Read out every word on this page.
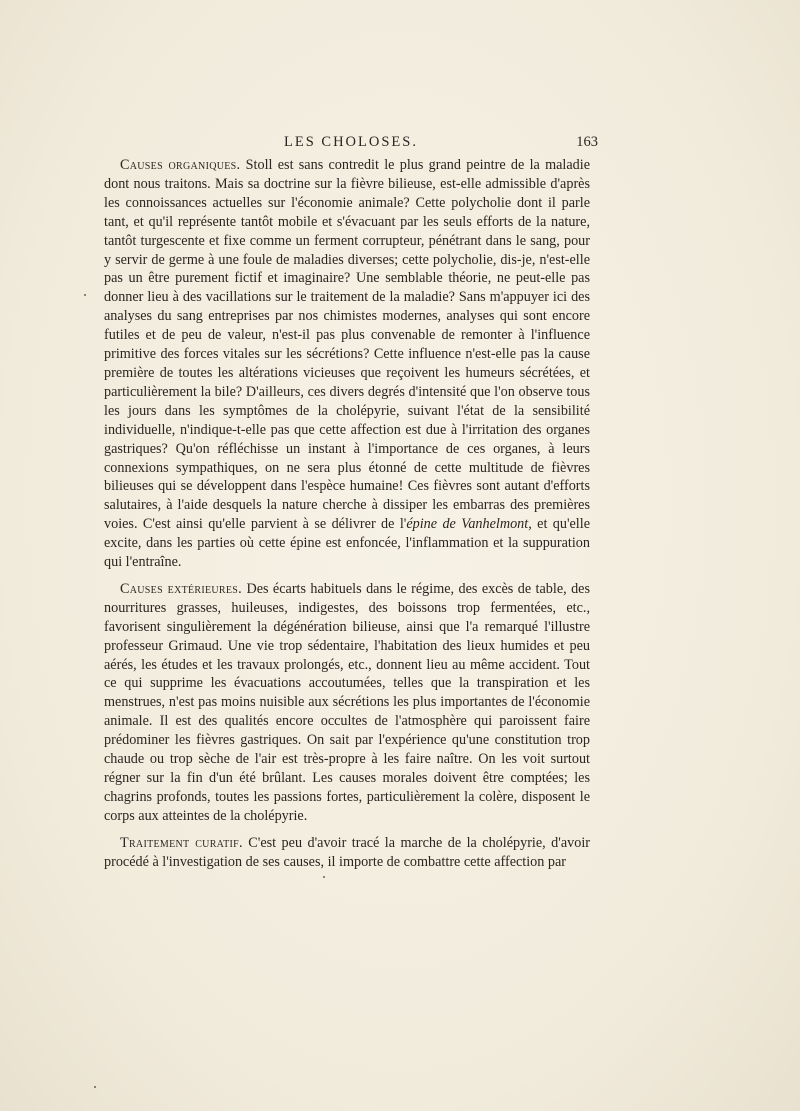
LES CHOLOSES.	163

Causes organiques. Stoll est sans contredit le plus grand peintre de la maladie dont nous traitons. Mais sa doctrine sur la fièvre bilieuse, est-elle admissible d'après les connoissances actuelles sur l'économie animale? Cette polycholie dont il parle tant, et qu'il représente tantôt mobile et s'évacuant par les seuls efforts de la nature, tantôt turgescente et fixe comme un ferment corrupteur, pénétrant dans le sang, pour y servir de germe à une foule de maladies diverses; cette polycholie, dis-je, n'est-elle pas un être purement fictif et imaginaire? Une semblable théorie, ne peut-elle pas donner lieu à des vacillations sur le traitement de la maladie? Sans m'appuyer ici des analyses du sang entreprises par nos chimistes modernes, analyses qui sont encore futiles et de peu de valeur, n'est-il pas plus convenable de remonter à l'influence primitive des forces vitales sur les sécrétions? Cette influence n'est-elle pas la cause première de toutes les altérations vicieuses que reçoivent les humeurs sécrétées, et particulièrement la bile? D'ailleurs, ces divers degrés d'intensité que l'on observe tous les jours dans les symptômes de la cholépyrie, suivant l'état de la sensibilité individuelle, n'indique-t-elle pas que cette affection est due à l'irritation des organes gastriques? Qu'on réfléchisse un instant à l'importance de ces organes, à leurs connexions sympathiques, on ne sera plus étonné de cette multitude de fièvres bilieuses qui se développent dans l'espèce humaine! Ces fièvres sont autant d'efforts salutaires, à l'aide desquels la nature cherche à dissiper les embarras des premières voies. C'est ainsi qu'elle parvient à se délivrer de l'épine de Vanhelmont, et qu'elle excite, dans les parties où cette épine est enfoncée, l'inflammation et la suppuration qui l'entraîne.

Causes extérieures. Des écarts habituels dans le régime, des excès de table, des nourritures grasses, huileuses, indigestes, des boissons trop fermentées, etc., favorisent singulièrement la dégénération bilieuse, ainsi que l'a remarqué l'illustre professeur Grimaud. Une vie trop sédentaire, l'habitation des lieux humides et peu aérés, les études et les travaux prolongés, etc., donnent lieu au même accident. Tout ce qui supprime les évacuations accoutumées, telles que la transpiration et les menstrues, n'est pas moins nuisible aux sécrétions les plus importantes de l'économie animale. Il est des qualités encore occultes de l'atmosphère qui paroissent faire prédominer les fièvres gastriques. On sait par l'expérience qu'une constitution trop chaude ou trop sèche de l'air est très-propre à les faire naître. On les voit surtout régner sur la fin d'un été brûlant. Les causes morales doivent être comptées; les chagrins profonds, toutes les passions fortes, particulièrement la colère, disposent le corps aux atteintes de la cholépyrie.

Traitement curatif. C'est peu d'avoir tracé la marche de la cholépyrie, d'avoir procédé à l'investigation de ses causes, il importe de combattre cette affection par
